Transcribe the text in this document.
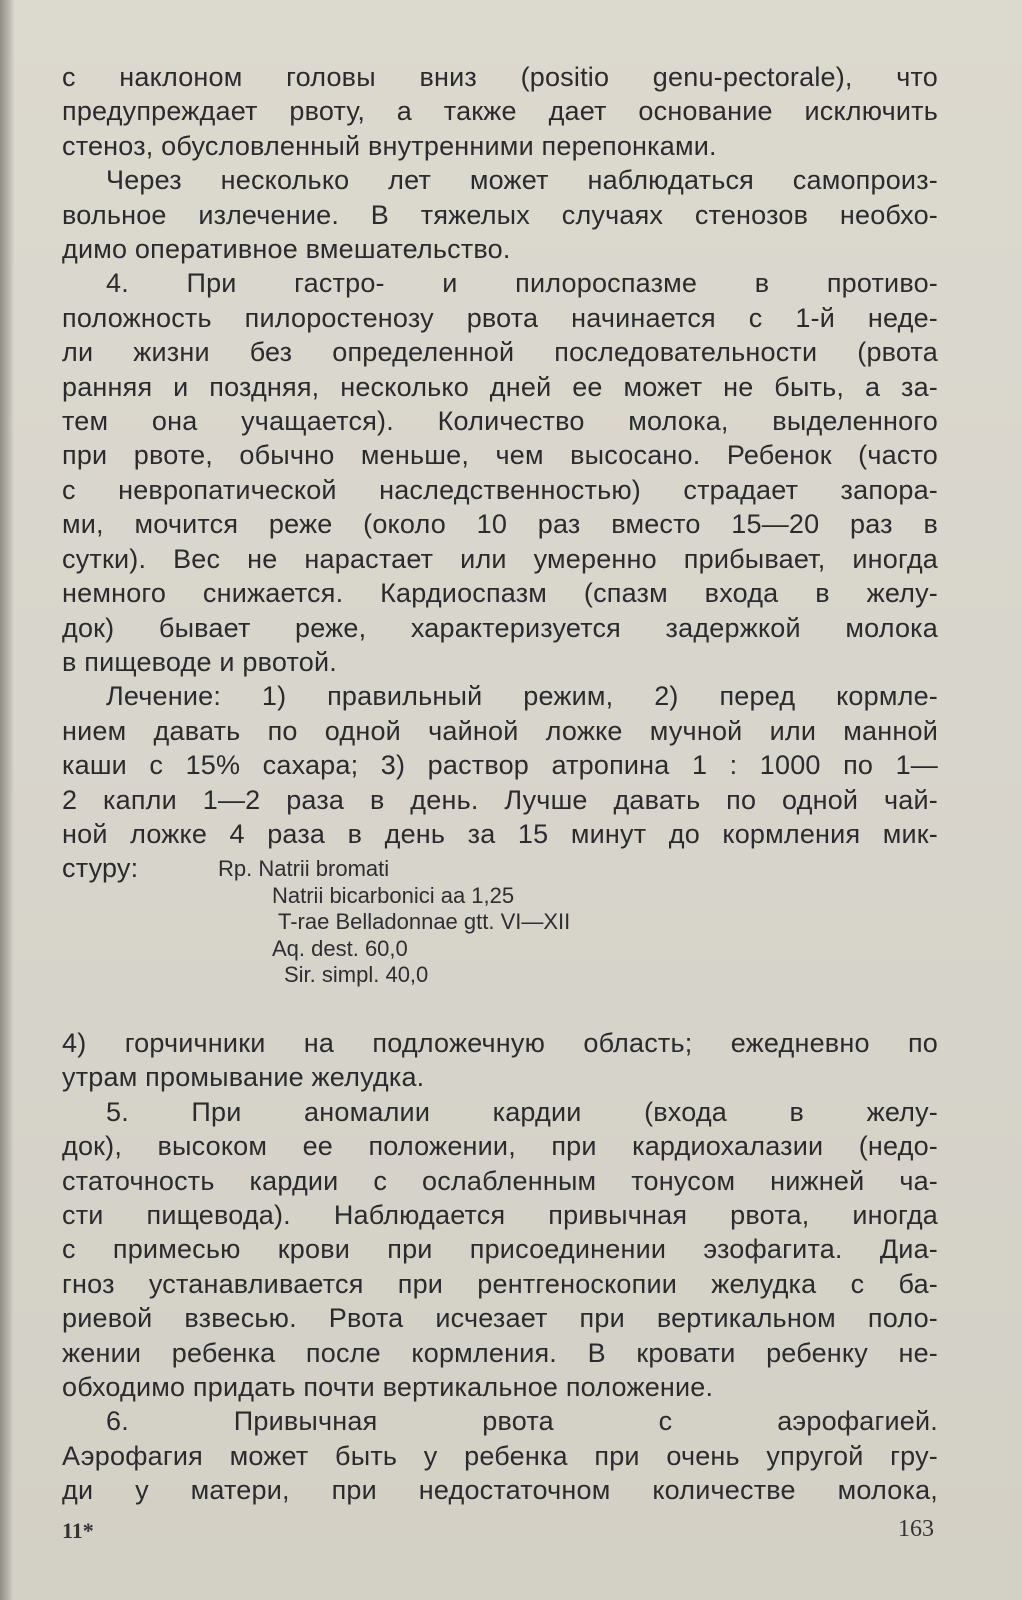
с наклоном головы вниз (positio genu-pectorale), что
предупреждает рвоту, а также дает основание исключить
стеноз, обусловленный внутренними перепонками.
Через несколько лет может наблюдаться самопроиз-
вольное излечение. В тяжелых случаях стенозов необхо-
димо оперативное вмешательство.
4. При гастро- и пилороспазме в противо-
положность пилоростенозу рвота начинается с 1-й неде-
ли жизни без определенной последовательности (рвота
ранняя и поздняя, несколько дней ее может не быть, а за-
тем она учащается). Количество молока, выделенного
при рвоте, обычно меньше, чем высосано. Ребенок (часто
с невропатической наследственностью) страдает запора-
ми, мочится реже (около 10 раз вместо 15—20 раз в
сутки). Вес не нарастает или умеренно прибывает, иногда
немного снижается. Кардиоспазм (спазм входа в желу-
док) бывает реже, характеризуется задержкой молока
в пищеводе и рвотой.
Лечение: 1) правильный режим, 2) перед кормле-
нием давать по одной чайной ложке мучной или манной
каши с 15% сахара; 3) раствор атропина 1 : 1000 по 1—
2 капли 1—2 раза в день. Лучше давать по одной чай-
ной ложке 4 раза в день за 15 минут до кормления мик-
стуру:	Rp. Natrii bromati
Natrii bicarbonici aa 1,25
T-rae Belladonnae gtt. VI—XII
Aq. dest. 60,0
Sir. simpl. 40,0
4) горчичники на подложечную область; ежедневно по
утрам промывание желудка.
5. При аномалии кардии (входа в желу-
док), высоком ее положении, при кардиохалазии (недо-
статочность кардии с ослабленным тонусом нижней ча-
сти пищевода). Наблюдается привычная рвота, иногда
с примесью крови при присоединении эзофагита. Диа-
гноз устанавливается при рентгеноскопии желудка с ба-
риевой взвесью. Рвота исчезает при вертикальном поло-
жении ребенка после кормления. В кровати ребенку не-
обходимо придать почти вертикальное положение.
6. Привычная рвота с аэрофагией.
Аэрофагия может быть у ребенка при очень упругой гру-
ди у матери, при недостаточном количестве молока,
11*	163
